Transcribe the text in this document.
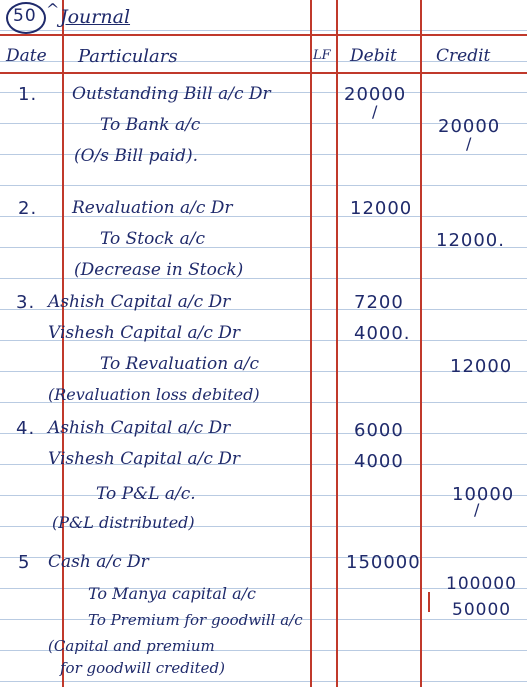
50 ^ Journal
Date Particulars	LF Debit Credit
1. Outstanding Bill a/c Dr
To Bank a/c
(O/s Bill paid).
20000
/
20000
/
2. Revaluation a/c Dr
To Stock a/c
(Decrease in Stock)
12000
12000.
3. Ashish Capital a/c Dr
Vishesh Capital a/c Dr
To Revaluation a/c
(Revaluation loss debited)
7200
4000.
12000
4. Ashish Capital a/c Dr
Vishesh Capital a/c Dr
To P&L a/c.
(P&L distributed)
6000
4000
10000
/
5 Cash a/c Dr
To Manya capital a/c
To Premium for goodwill a/c
(Capital and premium
for goodwill credited)
150000
100000
50000
